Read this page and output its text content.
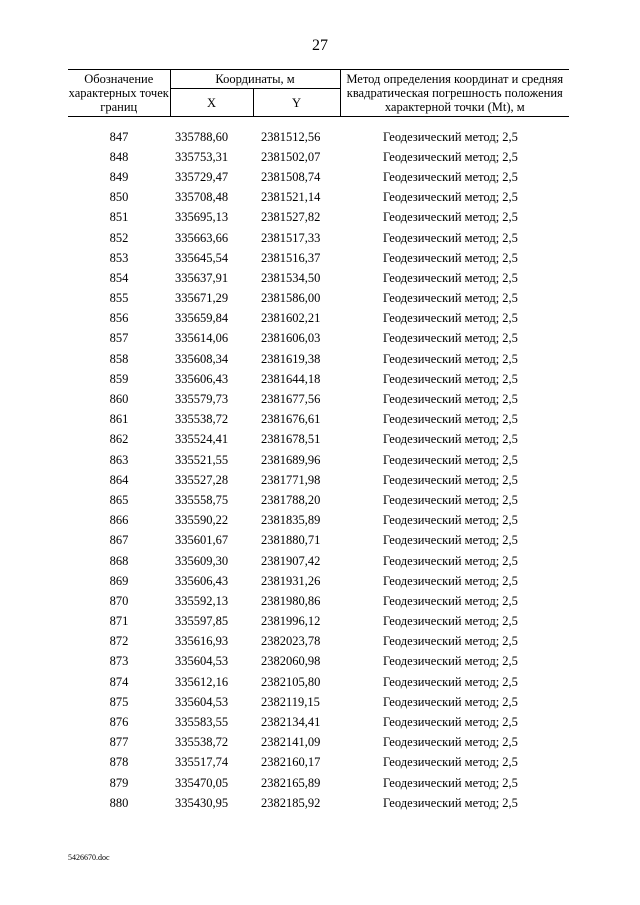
27
Обозначение характерных точек границ	Координаты, м		Метод определения координат и средняя квадратическая погрешность положения характерной точки (Mt), м
	X	Y	
847	335788,60	2381512,56	Геодезический метод; 2,5
848	335753,31	2381502,07	Геодезический метод; 2,5
849	335729,47	2381508,74	Геодезический метод; 2,5
850	335708,48	2381521,14	Геодезический метод; 2,5
851	335695,13	2381527,82	Геодезический метод; 2,5
852	335663,66	2381517,33	Геодезический метод; 2,5
853	335645,54	2381516,37	Геодезический метод; 2,5
854	335637,91	2381534,50	Геодезический метод; 2,5
855	335671,29	2381586,00	Геодезический метод; 2,5
856	335659,84	2381602,21	Геодезический метод; 2,5
857	335614,06	2381606,03	Геодезический метод; 2,5
858	335608,34	2381619,38	Геодезический метод; 2,5
859	335606,43	2381644,18	Геодезический метод; 2,5
860	335579,73	2381677,56	Геодезический метод; 2,5
861	335538,72	2381676,61	Геодезический метод; 2,5
862	335524,41	2381678,51	Геодезический метод; 2,5
863	335521,55	2381689,96	Геодезический метод; 2,5
864	335527,28	2381771,98	Геодезический метод; 2,5
865	335558,75	2381788,20	Геодезический метод; 2,5
866	335590,22	2381835,89	Геодезический метод; 2,5
867	335601,67	2381880,71	Геодезический метод; 2,5
868	335609,30	2381907,42	Геодезический метод; 2,5
869	335606,43	2381931,26	Геодезический метод; 2,5
870	335592,13	2381980,86	Геодезический метод; 2,5
871	335597,85	2381996,12	Геодезический метод; 2,5
872	335616,93	2382023,78	Геодезический метод; 2,5
873	335604,53	2382060,98	Геодезический метод; 2,5
874	335612,16	2382105,80	Геодезический метод; 2,5
875	335604,53	2382119,15	Геодезический метод; 2,5
876	335583,55	2382134,41	Геодезический метод; 2,5
877	335538,72	2382141,09	Геодезический метод; 2,5
878	335517,74	2382160,17	Геодезический метод; 2,5
879	335470,05	2382165,89	Геодезический метод; 2,5
880	335430,95	2382185,92	Геодезический метод; 2,5
5426670.doc
